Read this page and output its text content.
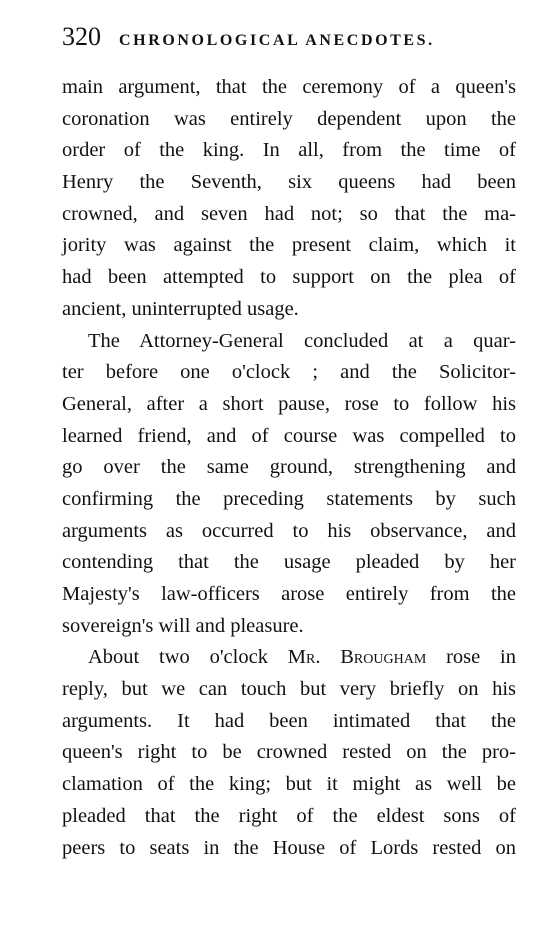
320 CHRONOLOGICAL ANECDOTES.
main argument, that the ceremony of a queen's
coronation was entirely dependent upon the
order of the king. In all, from the time of
Henry the Seventh, six queens had been
crowned, and seven had not; so that the ma-
jority was against the present claim, which it
had been attempted to support on the plea of
ancient, uninterrupted usage.
The Attorney-General concluded at a quar-
ter before one o'clock ; and the Solicitor-
General, after a short pause, rose to follow his
learned friend, and of course was compelled to
go over the same ground, strengthening and
confirming the preceding statements by such
arguments as occurred to his observance, and
contending that the usage pleaded by her
Majesty's law-officers arose entirely from the
sovereign's will and pleasure.
About two o'clock Mr. Brougham rose in
reply, but we can touch but very briefly on his
arguments. It had been intimated that the
queen's right to be crowned rested on the pro-
clamation of the king; but it might as well be
pleaded that the right of the eldest sons of
peers to seats in the House of Lords rested on
